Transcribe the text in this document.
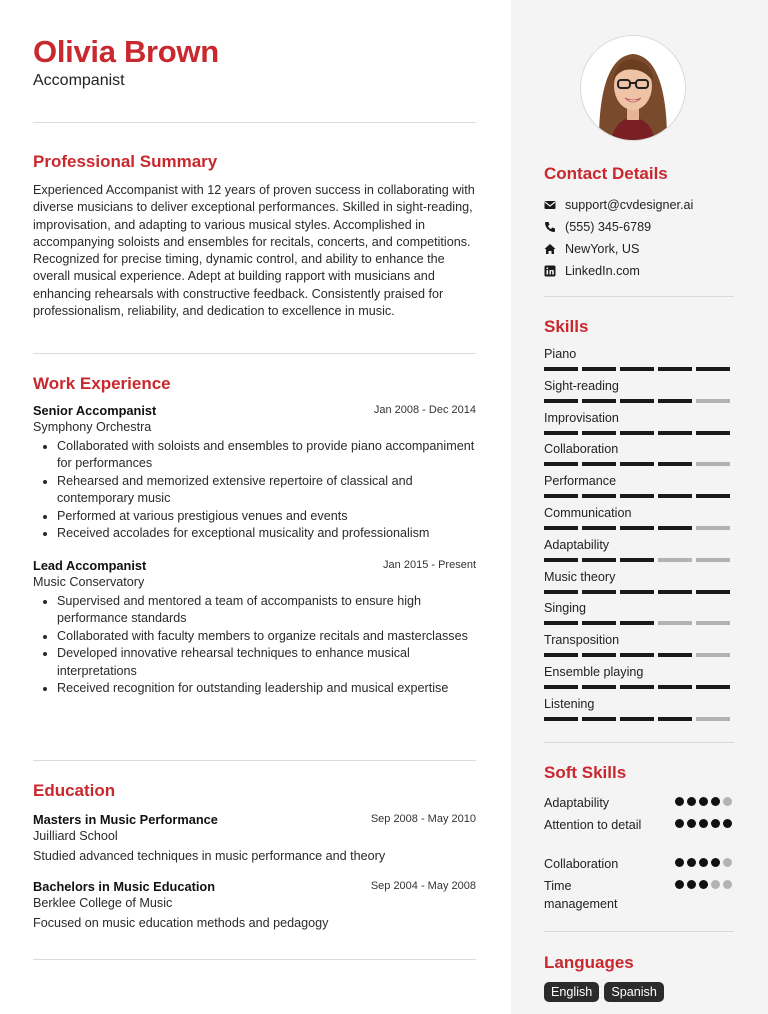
Olivia Brown
Accompanist
Professional Summary

Experienced Accompanist with 12 years of proven success in collaborating with diverse musicians to deliver exceptional performances. Skilled in sight-reading, improvisation, and adapting to various musical styles. Accomplished in accompanying soloists and ensembles for recitals, concerts, and competitions. Recognized for precise timing, dynamic control, and ability to enhance the overall musical experience. Adept at building rapport with musicians and enhancing rehearsals with constructive feedback. Consistently praised for professionalism, reliability, and dedication to excellence in music.

Work Experience
Senior Accompanist	Jan 2008 - Dec 2014
Symphony Orchestra
• Collaborated with soloists and ensembles to provide piano accompaniment for performances
• Rehearsed and memorized extensive repertoire of classical and contemporary music
• Performed at various prestigious venues and events
• Received accolades for exceptional musicality and professionalism
Lead Accompanist	Jan 2015 - Present
Music Conservatory
• Supervised and mentored a team of accompanists to ensure high performance standards
• Collaborated with faculty members to organize recitals and masterclasses
• Developed innovative rehearsal techniques to enhance musical interpretations
• Received recognition for outstanding leadership and musical expertise
Education
Masters in Music Performance	Sep 2008 - May 2010
Juilliard School
Studied advanced techniques in music performance and theory
Bachelors in Music Education	Sep 2004 - May 2008
Berklee College of Music
Focused on music education methods and pedagogy
Contact Details
support@cvdesigner.ai
(555) 345-6789
NewYork, US
LinkedIn.com
Skills
Piano
Sight-reading
Improvisation
Collaboration
Performance
Communication
Adaptability
Music theory
Singing
Transposition
Ensemble playing
Listening
Soft Skills
Adaptability
Attention to detail
Collaboration
Time management
Languages
English	Spanish
